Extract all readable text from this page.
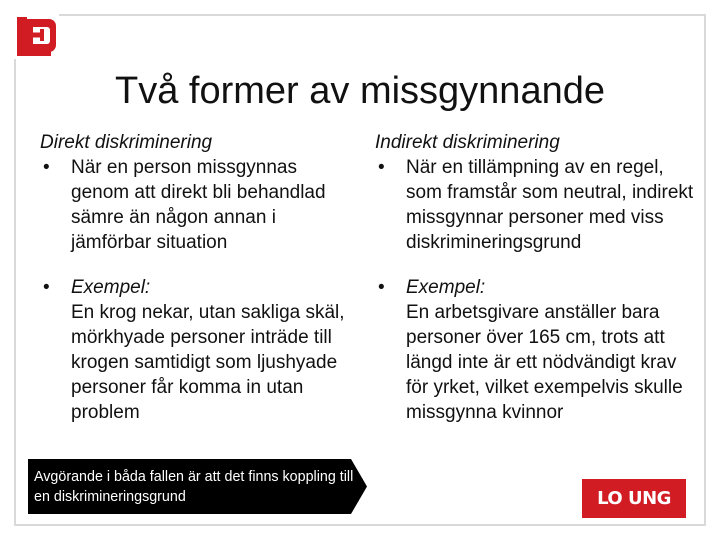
Två former av missgynnande

Direkt diskriminering

• När en person missgynnas genom att direkt bli behandlad sämre än någon annan i jämförbar situation
• Exempel:
En krog nekar, utan sakliga skäl, mörkhyade personer inträde till krogen samtidigt som ljushyade personer får komma in utan problem

Indirekt diskriminering

• När en tillämpning av en regel, som framstår som neutral, indirekt missgynnar personer med viss diskrimineringsgrund
• Exempel:
En arbetsgivare anställer bara personer över 165 cm, trots att längd inte är ett nödvändigt krav för yrket, vilket exempelvis skulle missgynna kvinnor
Avgörande i båda fallen är att det finns koppling till en diskrimineringsgrund	LO UNG
